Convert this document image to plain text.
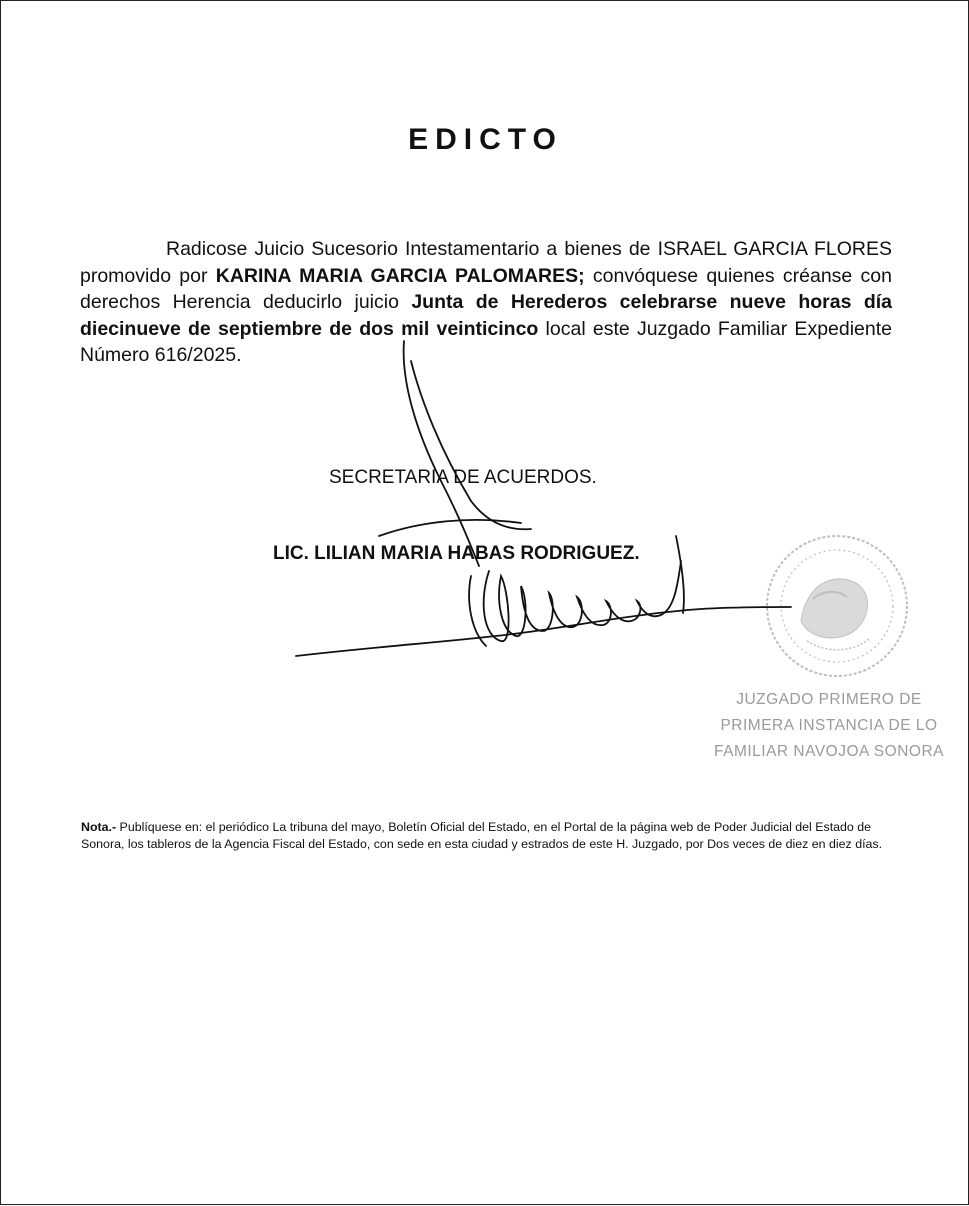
EDICTO

Radicose Juicio Sucesorio Intestamentario a bienes de ISRAEL GARCIA FLORES promovido por KARINA MARIA GARCIA PALOMARES; convóquese quienes créanse con derechos Herencia deducirlo juicio Junta de Herederos celebrarse nueve horas día diecinueve de septiembre de dos mil veinticinco local este Juzgado Familiar Expediente Número 616/2025.

SECRETARIA DE ACUERDOS.
LIC. LILIAN MARIA HABAS RODRIGUEZ.
JUZGADO PRIMERO DE
PRIMERA INSTANCIA DE LO
FAMILIAR NAVOJOA SONORA
Nota.- Publíquese en: el periódico La tribuna del mayo, Boletín Oficial del Estado, en el Portal de la página web de Poder Judicial del Estado de Sonora, los tableros de la Agencia Fiscal del Estado, con sede en esta ciudad y estrados de este H. Juzgado, por Dos veces de diez en diez días.
